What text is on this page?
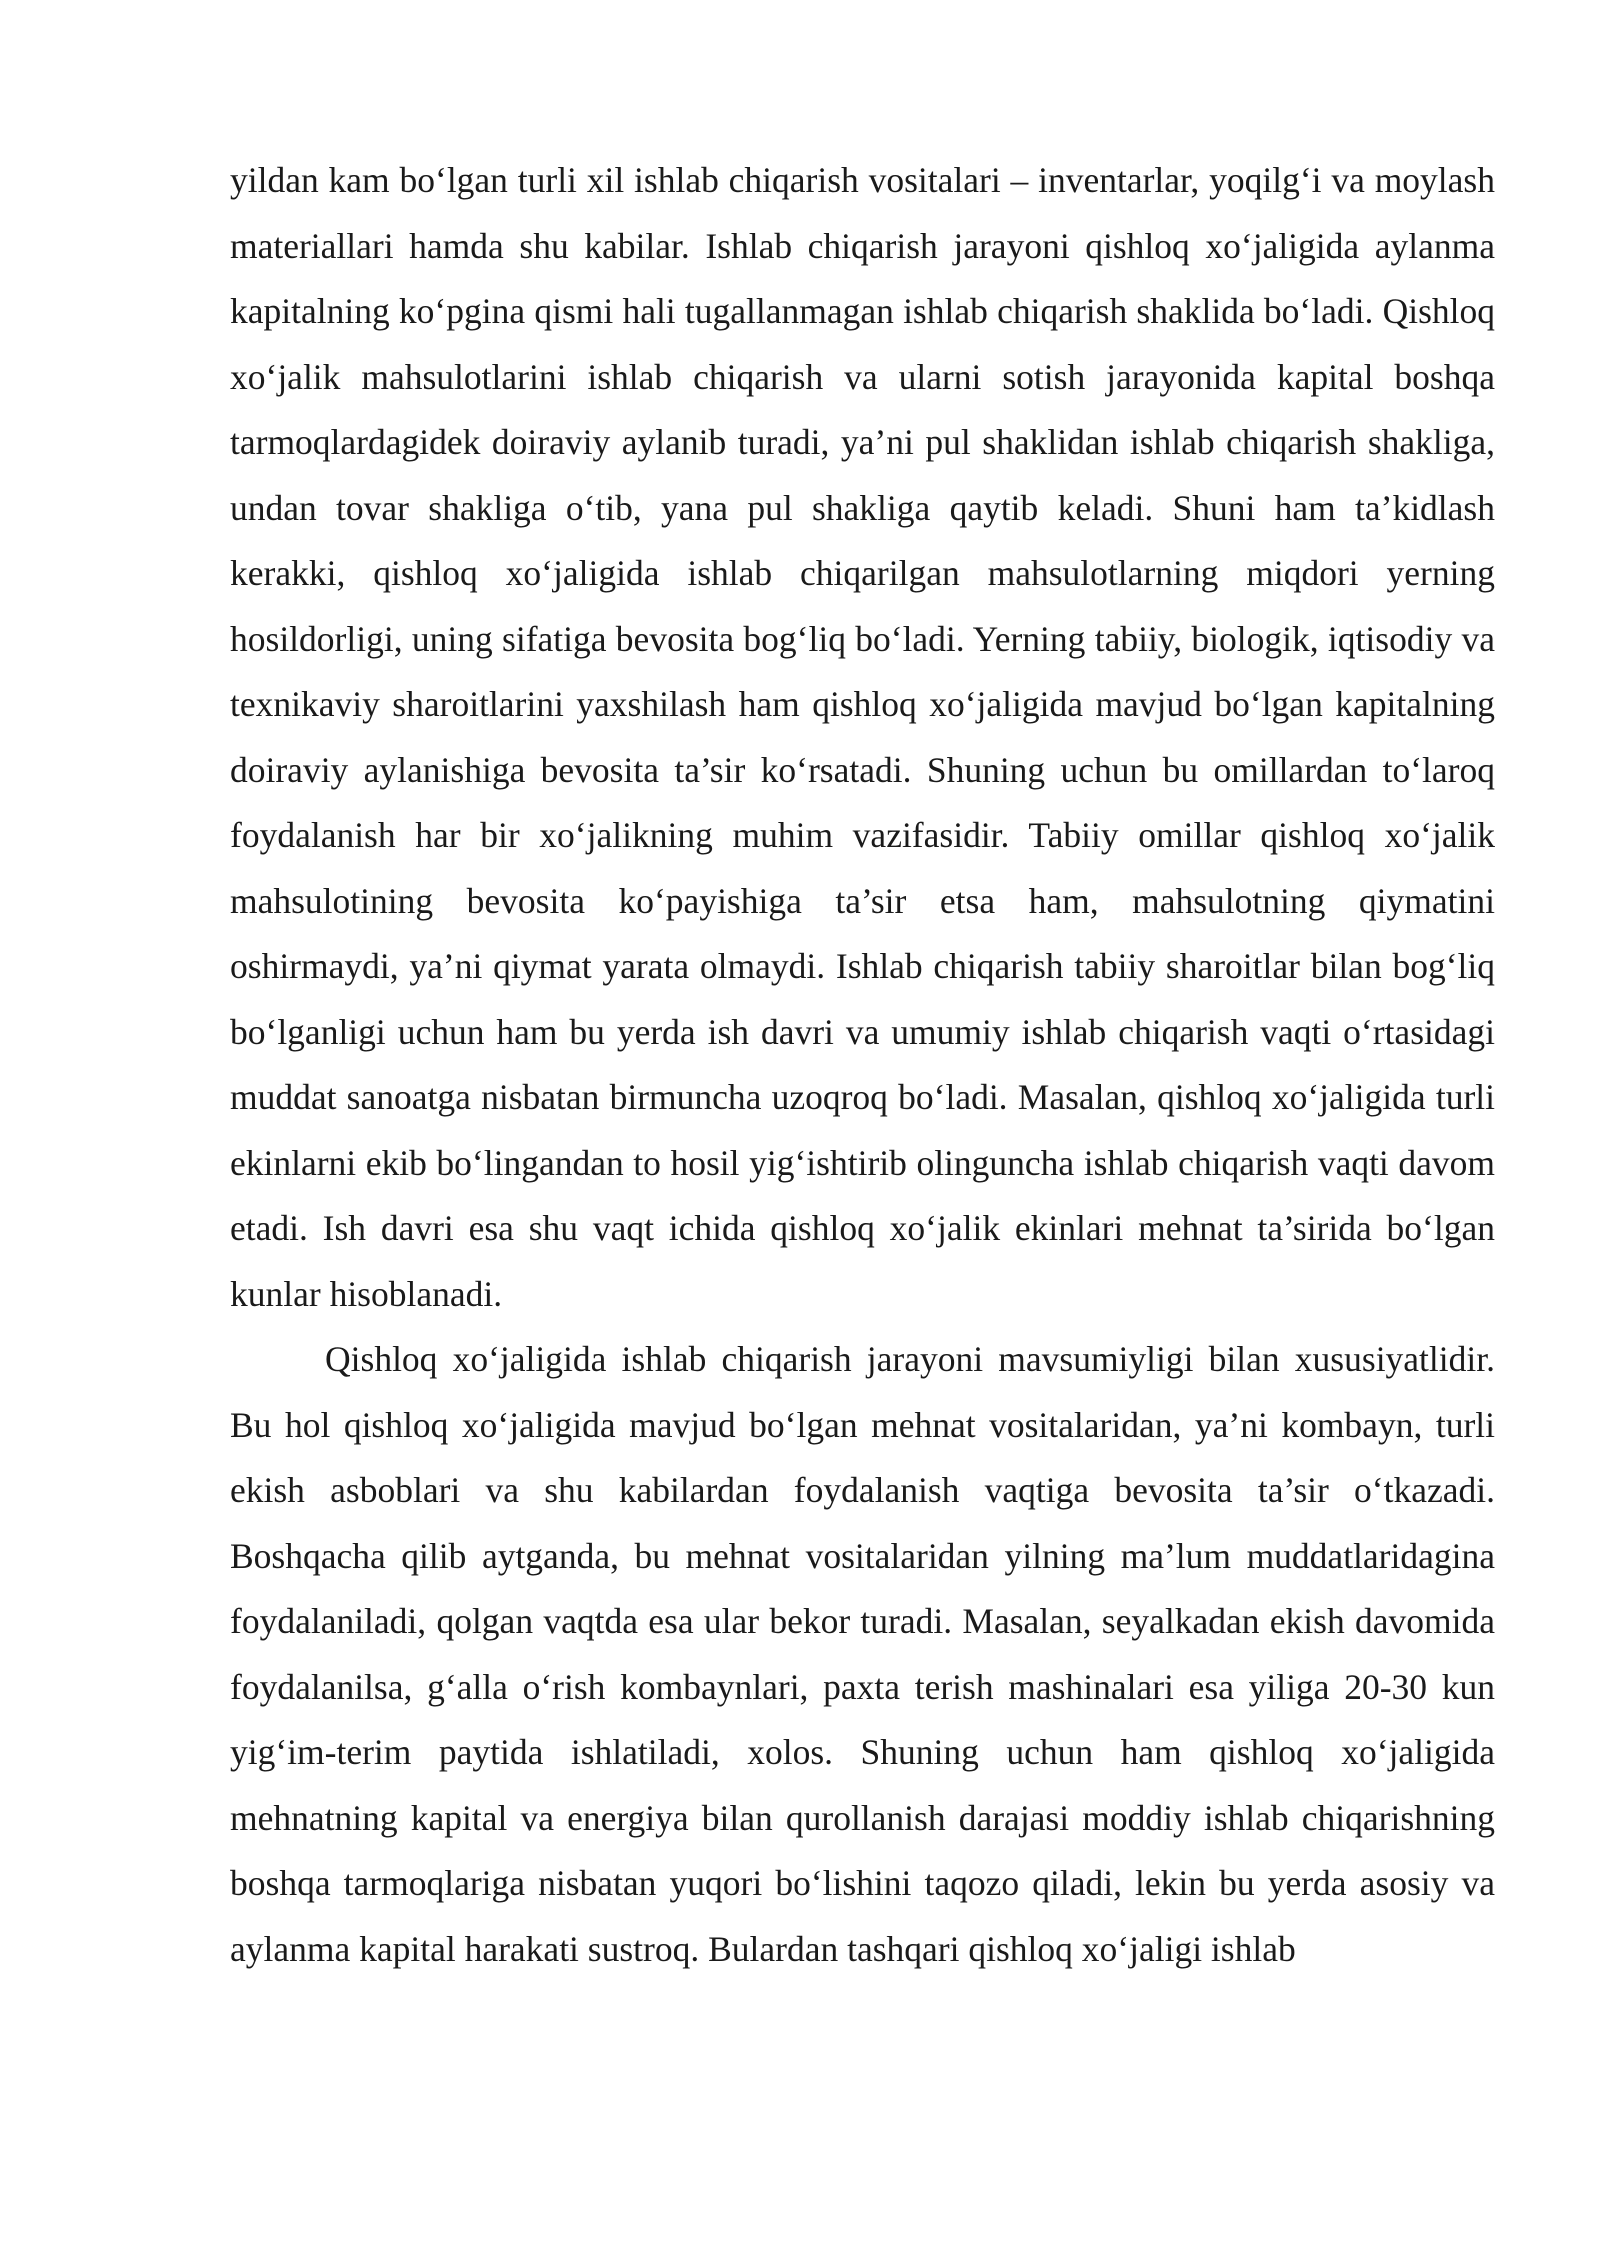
yildan kam bo‘lgan turli xil ishlab chiqarish vositalari – inventarlar, yoqilg‘i va moylash materiallari hamda shu kabilar. Ishlab chiqarish jarayoni qishloq xo‘jaligida aylanma kapitalning ko‘pgina qismi hali tugallanmagan ishlab chiqarish shaklida bo‘ladi. Qishloq xo‘jalik mahsulotlarini ishlab chiqarish va ularni sotish jarayonida kapital boshqa tarmoqlardagidek doiraviy aylanib turadi, ya’ni pul shaklidan ishlab chiqarish shakliga, undan tovar shakliga o‘tib, yana pul shakliga qaytib keladi. Shuni ham ta’kidlash kerakki, qishloq xo‘jaligida ishlab chiqarilgan mahsulotlarning miqdori yerning hosildorligi, uning sifatiga bevosita bog‘liq bo‘ladi. Yerning tabiiy, biologik, iqtisodiy va texnikaviy sharoitlarini yaxshilash ham qishloq xo‘jaligida mavjud bo‘lgan kapitalning doiraviy aylanishiga bevosita ta’sir ko‘rsatadi. Shuning uchun bu omillardan to‘laroq foydalanish har bir xo‘jalikning muhim vazifasidir. Tabiiy omillar qishloq xo‘jalik mahsulotining bevosita ko‘payishiga ta’sir etsa ham, mahsulotning qiymatini oshirmaydi, ya’ni qiymat yarata olmaydi. Ishlab chiqarish tabiiy sharoitlar bilan bog‘liq bo‘lganligi uchun ham bu yerda ish davri va umumiy ishlab chiqarish vaqti o‘rtasidagi muddat sanoatga nisbatan birmuncha uzoqroq bo‘ladi. Masalan, qishloq xo‘jaligida turli ekinlarni ekib bo‘lingandan to hosil yig‘ishtirib olinguncha ishlab chiqarish vaqti davom etadi. Ish davri esa shu vaqt ichida qishloq xo‘jalik ekinlari mehnat ta’sirida bo‘lgan kunlar hisoblanadi.

Qishloq xo‘jaligida ishlab chiqarish jarayoni mavsumiyligi bilan xususiyatlidir. Bu hol qishloq xo‘jaligida mavjud bo‘lgan mehnat vositalaridan, ya’ni kombayn, turli ekish asboblari va shu kabilardan foydalanish vaqtiga bevosita ta’sir o‘tkazadi. Boshqacha qilib aytganda, bu mehnat vositalaridan yilning ma’lum muddatlaridagina foydalaniladi, qolgan vaqtda esa ular bekor turadi. Masalan, seyalkadan ekish davomida foydalanilsa, g‘alla o‘rish kombaynlari, paxta terish mashinalari esa yiliga 20-30 kun yig‘im-terim paytida ishlatiladi, xolos. Shuning uchun ham qishloq xo‘jaligida mehnatning kapital va energiya bilan qurollanish darajasi moddiy ishlab chiqarishning boshqa tarmoqlariga nisbatan yuqori bo‘lishini taqozo qiladi, lekin bu yerda asosiy va aylanma kapital harakati sustroq. Bulardan tashqari qishloq xo‘jaligi ishlab
